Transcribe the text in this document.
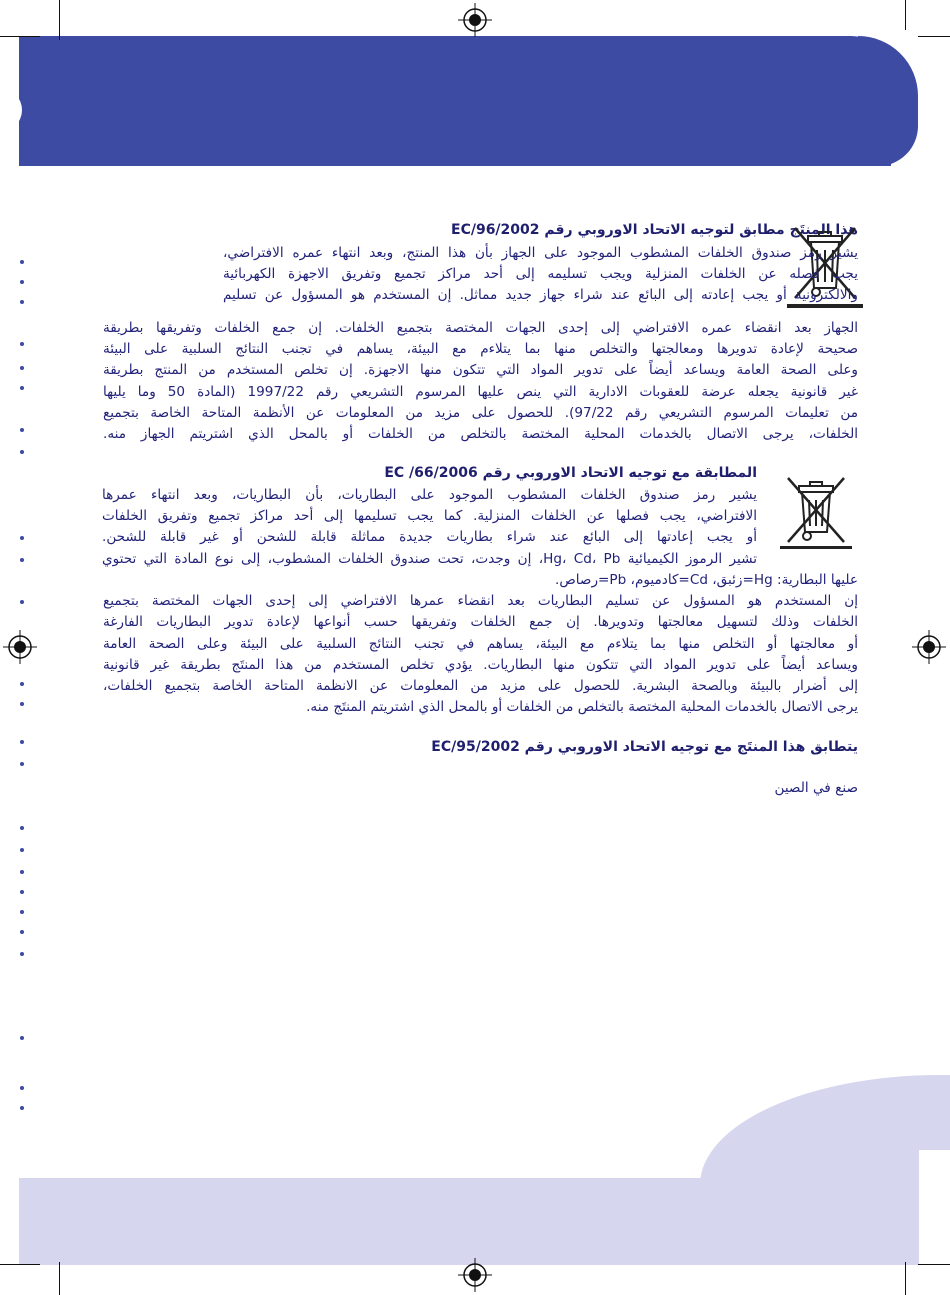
هذا المنتَج مطابق لتوجيه الاتحاد الاوروبي رقم EC/96/2002
يشير رمز صندوق الخلفات المشطوب الموجود على الجهاز بأن هذا المنتج، وبعد انتهاء عمره الافتراضي،
يجب فصله عن الخلفات المنزلية ويجب تسليمه إلى أحد مراكز تجميع وتفريق الاجهزة الكهربائية
والالكترونية أو يجب إعادته إلى البائع عند شراء جهاز جديد مماثل. إن المستخدم هو المسؤول عن تسليم
الجهاز بعد انقضاء عمره الافتراضي إلى إحدى الجهات المختصة بتجميع الخلفات. إن جمع الخلفات وتفريقها بطريقة
صحيحة لإعادة تدويرها ومعالجتها والتخلص منها بما يتلاءم مع البيئة، يساهم في تجنب النتائج السلبية على البيئة
وعلى الصحة العامة ويساعد أيضاً على تدوير المواد التي تتكون منها الاجهزة. إن تخلص المستخدم من المنتج بطريقة
غير قانونية يجعله عرضة للعقوبات الادارية التي ينص عليها المرسوم التشريعي رقم 1997/22 (المادة 50 وما يليها
من تعليمات المرسوم التشريعي رقم 97/22). للحصول على مزيد من المعلومات عن الأنظمة المتاحة الخاصة بتجميع
الخلفات، يرجى الاتصال بالخدمات المحلية المختصة بالتخلص من الخلفات أو بالمحل الذي اشتريتم الجهاز منه.
المطابقة مع توجيه الاتحاد الاوروبي رقم EC /66/2006
يشير رمز صندوق الخلفات المشطوب الموجود على البطاريات، بأن البطاريات، وبعد انتهاء عمرها
الافتراضي، يجب فصلها عن الخلفات المنزلية. كما يجب تسليمها إلى أحد مراكز تجميع وتفريق الخلفات
أو يجب إعادتها إلى البائع عند شراء بطاريات جديدة مماثلة قابلة للشحن أو غير قابلة للشحن.
تشير الرموز الكيميائية Hg، Cd، Pb، إن وجدت، تحت صندوق الخلفات المشطوب، إلى نوع المادة التي تحتوي
عليها البطارية: Hg=زئبق، Cd=كادميوم، Pb=رصاص.
إن المستخدم هو المسؤول عن تسليم البطاريات بعد انقضاء عمرها الافتراضي إلى إحدى الجهات المختصة بتجميع
الخلفات وذلك لتسهيل معالجتها وتدويرها. إن جمع الخلفات وتفريقها حسب أنواعها لإعادة تدوير البطاريات الفارغة
أو معالجتها أو التخلص منها بما يتلاءم مع البيئة، يساهم في تجنب النتائج السلبية على البيئة وعلى الصحة العامة
ويساعد أيضاً على تدوير المواد التي تتكون منها البطاريات. يؤدي تخلص المستخدم من هذا المنتَج بطريقة غير قانونية
إلى أضرار بالبيئة وبالصحة البشرية. للحصول على مزيد من المعلومات عن الانظمة المتاحة الخاصة بتجميع الخلفات،
يرجى الاتصال بالخدمات المحلية المختصة بالتخلص من الخلفات أو بالمحل الذي اشتريتم المنتَج منه.
يتطابق هذا المنتَج مع توجيه الاتحاد الاوروبي رقم EC/95/2002
صنع في الصين
